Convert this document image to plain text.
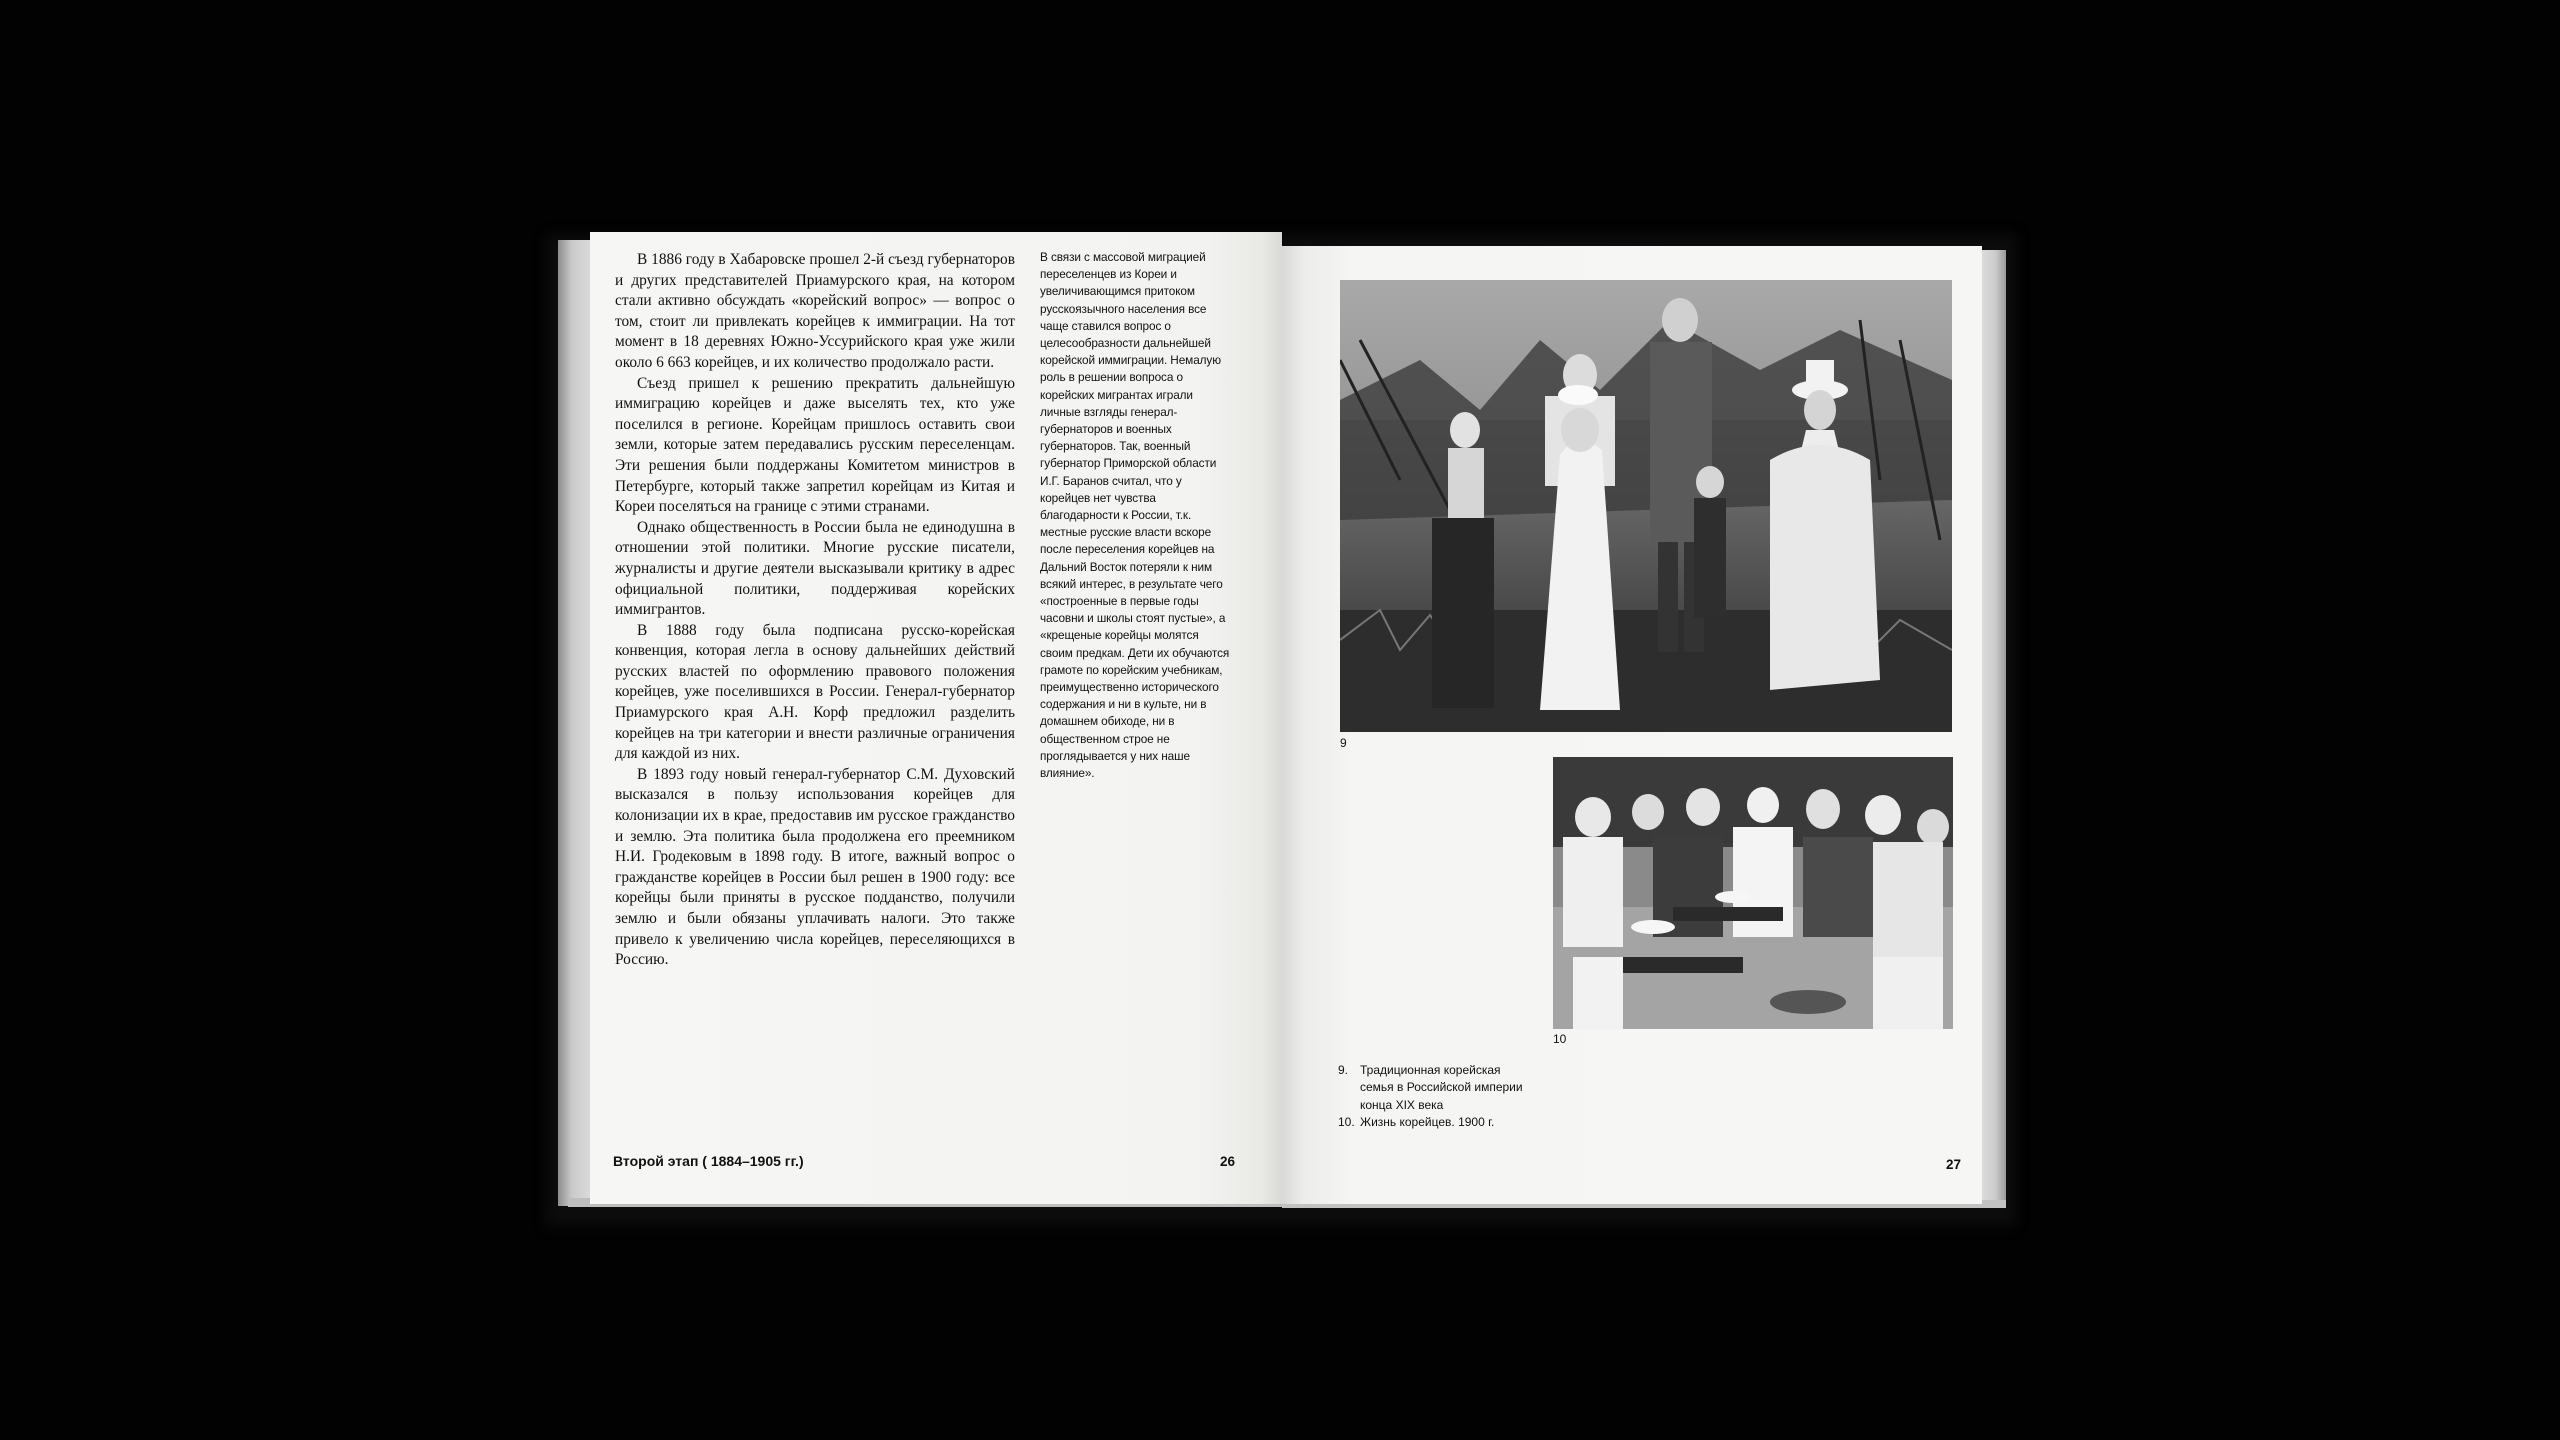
В 1886 году в Хабаровске прошел 2-й съезд губернаторов и других представителей Приамурского края, на котором стали активно обсуждать «корейский вопрос» — вопрос о том, стоит ли привлекать корейцев к иммиграции. На тот момент в 18 деревнях Южно-Уссурийского края уже жили около 6 663 корейцев, и их количество продолжало расти.

Съезд пришел к решению прекратить дальнейшую иммиграцию корейцев и даже выселять тех, кто уже поселился в регионе. Корейцам пришлось оставить свои земли, которые затем передавались русским переселенцам. Эти решения были поддержаны Комитетом министров в Петербурге, который также запретил корейцам из Китая и Кореи поселяться на границе с этими странами.

Однако общественность в России была не единодушна в отношении этой политики. Многие русские писатели, журналисты и другие деятели высказывали критику в адрес официальной политики, поддерживая корейских иммигрантов.

В 1888 году была подписана русско-корейская конвенция, которая легла в основу дальнейших действий русских властей по оформлению правового положения корейцев, уже поселившихся в России. Генерал-губернатор Приамурского края А.Н. Корф предложил разделить корейцев на три категории и внести различные ограничения для каждой из них.

В 1893 году новый генерал-губернатор С.М. Духовский высказался в пользу использования корейцев для колонизации их в крае, предоставив им русское гражданство и землю. Эта политика была продолжена его преемником Н.И. Гродековым в 1898 году. В итоге, важный вопрос о гражданстве корейцев в России был решен в 1900 году: все корейцы были приняты в русское подданство, получили землю и были обязаны уплачивать налоги. Это также привело к увеличению числа корейцев, переселяющихся в Россию.

В связи с массовой миграцией переселенцев из Кореи и увеличивающимся притоком русскоязычного населения все чаще ставился вопрос о целесообразности дальнейшей корейской иммиграции. Немалую роль в решении вопроса о корейских мигрантах играли личные взгляды генерал-губернаторов и военных губернаторов. Так, военный губернатор Приморской области И.Г. Баранов считал, что у корейцев нет чувства благодарности к России, т.к. местные русские власти вскоре после переселения корейцев на Дальний Восток потеряли к ним всякий интерес, в результате чего «построенные в первые годы часовни и школы стоят пустые», а «крещеные корейцы молятся своим предкам. Дети их обучаются грамоте по корейским учебникам, преимущественно исторического содержания и ни в культе, ни в домашнем обиходе, ни в общественном строе не проглядывается у них наше влияние».
Второй этап ( 1884–1905 гг.)	26
9
10
9. Традиционная корейская семья в Российской империи конца XIX века
10. Жизнь корейцев. 1900 г.
27
